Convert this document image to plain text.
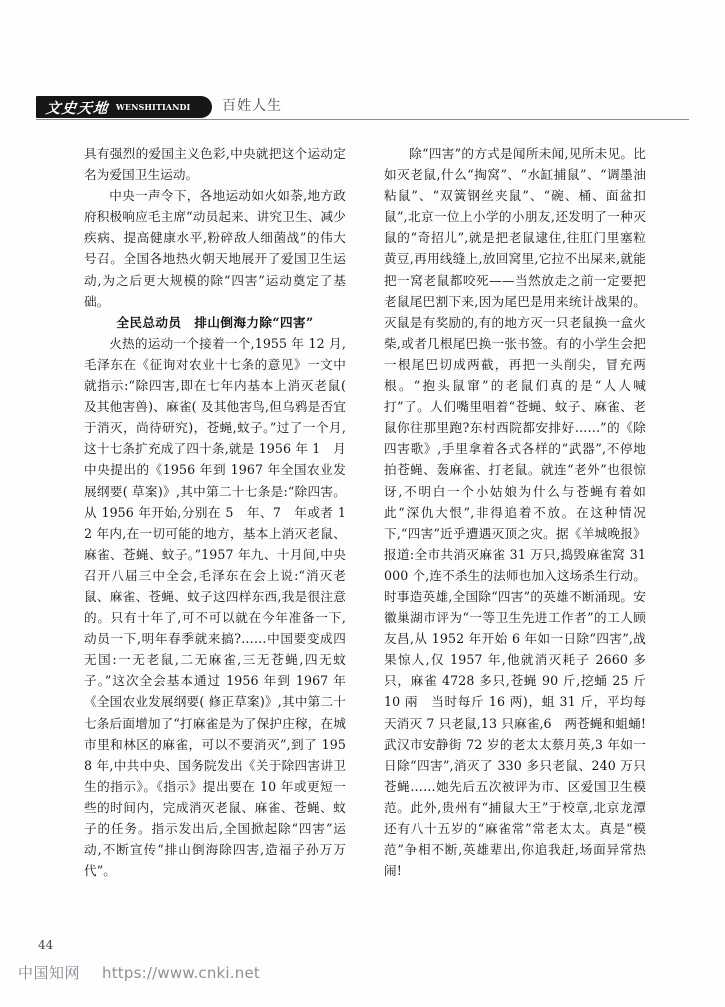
文史天地 WENSHITIANDI 百姓人生

具有强烈的爱国主义色彩,中央就把这个运动定名为爱国卫生运动。

中央一声令下，各地运动如火如荼,地方政府积极响应毛主席“动员起来、讲究卫生、减少疾病、提高健康水平,粉碎敌人细菌战”的伟大号召。全国各地热火朝天地展开了爱国卫生运动,为之后更大规模的除“四害”运动奠定了基础。

全民总动员　排山倒海力除“四害”

火热的运动一个接着一个,1955 年 12 月,毛泽东在《征询对农业十七条的意见》一文中就指示:“除四害,即在七年内基本上消灭老鼠( 及其他害兽)、麻雀( 及其他害鸟,但乌鸦是否宜于消灭，尚待研究)，苍蝇,蚊子。”过了一个月,这十七条扩充成了四十条,就是 1956 年 1　月中央提出的《1956 年到 1967 年全国农业发展纲要( 草案)》,其中第二十七条是:“除四害。从 1956 年开始,分别在 5　年、7　年或者 12 年内,在一切可能的地方，基本上消灭老鼠、麻雀、苍蝇、蚊子。”1957 年九、十月间,中央召开八届三中全会,毛泽东在会上说:“消灭老鼠、麻雀、苍蝇、蚊子这四样东西,我是很注意的。只有十年了,可不可以就在今年准备一下,动员一下,明年春季就来搞?……中国要变成四无国:一无老鼠,二无麻雀,三无苍蝇,四无蚊子。”这次全会基本通过 1956 年到 1967 年《全国农业发展纲要( 修正草案)》,其中第二十七条后面增加了“打麻雀是为了保护庄稼，在城市里和林区的麻雀，可以不要消灭”,到了 1958 年,中共中央、国务院发出《关于除四害讲卫生的指示》。《指示》提出要在 10 年或更短一些的时间内，完成消灭老鼠、麻雀、苍蝇、蚊子的任务。指示发出后,全国掀起除“四害”运动,不断宣传“排山倒海除四害,造福子孙万万代”。

除“四害”的方式是闻所未闻,见所未见。比如灭老鼠,什么“掏窝”、“水缸捕鼠”、“调墨油粘鼠”、“双簧钢丝夹鼠”、“碗、桶、面盆扣鼠”,北京一位上小学的小朋友,还发明了一种灭鼠的“奇招儿”,就是把老鼠逮住,往肛门里塞粒黄豆,再用线缝上,放回窝里,它拉不出屎来,就能把一窝老鼠都咬死——当然放走之前一定要把老鼠尾巴割下来,因为尾巴是用来统计战果的。灭鼠是有奖励的,有的地方灭一只老鼠换一盒火柴,或者几根尾巴换一张书签。有的小学生会把一根尾巴切成两截，再把一头削尖，冒充两根。“抱头鼠窜”的老鼠们真的是“人人喊打”了。人们嘴里唱着“苍蝇、蚊子、麻雀、老鼠你往那里跑?东村西院都安排好……”的《除四害歌》,手里拿着各式各样的“武器”,不停地拍苍蝇、轰麻雀、打老鼠。就连“老外”也很惊讶,不明白一个小姑娘为什么与苍蝇有着如此“深仇大恨”,非得追着不放。在这种情况下,“四害”近乎遭遇灭顶之灾。据《羊城晚报》报道:全市共消灭麻雀 31 万只,捣毁麻雀窝 31000 个,连不杀生的法师也加入这场杀生行动。时事造英雄,全国除“四害”的英雄不断涌现。安徽巢湖市评为“一等卫生先进工作者”的工人顾友昌,从 1952 年开始 6 年如一日除“四害”,战果惊人,仅 1957 年,他就消灭耗子 2660 多只，麻雀 4728 多只,苍蝇 90 斤,挖蛹 25 斤 10 兩　当时每斤 16 两)，蛆 31 斤，平均每天消灭 7 只老鼠,13 只麻雀,6　两苍蝇和蛆蛹!武汉市安静街 72 岁的老太太蔡月英,3 年如一日除“四害”,消灭了 330 多只老鼠、240 万只苍蝇……她先后五次被评为市、区爱国卫生模范。此外,贵州有“捕鼠大王”于校章,北京龙潭还有八十五岁的“麻雀常”常老太太。真是“模范”争相不断,英雄辈出,你追我赶,场面异常热闹!

44
中国知网 https://www.cnki.net
